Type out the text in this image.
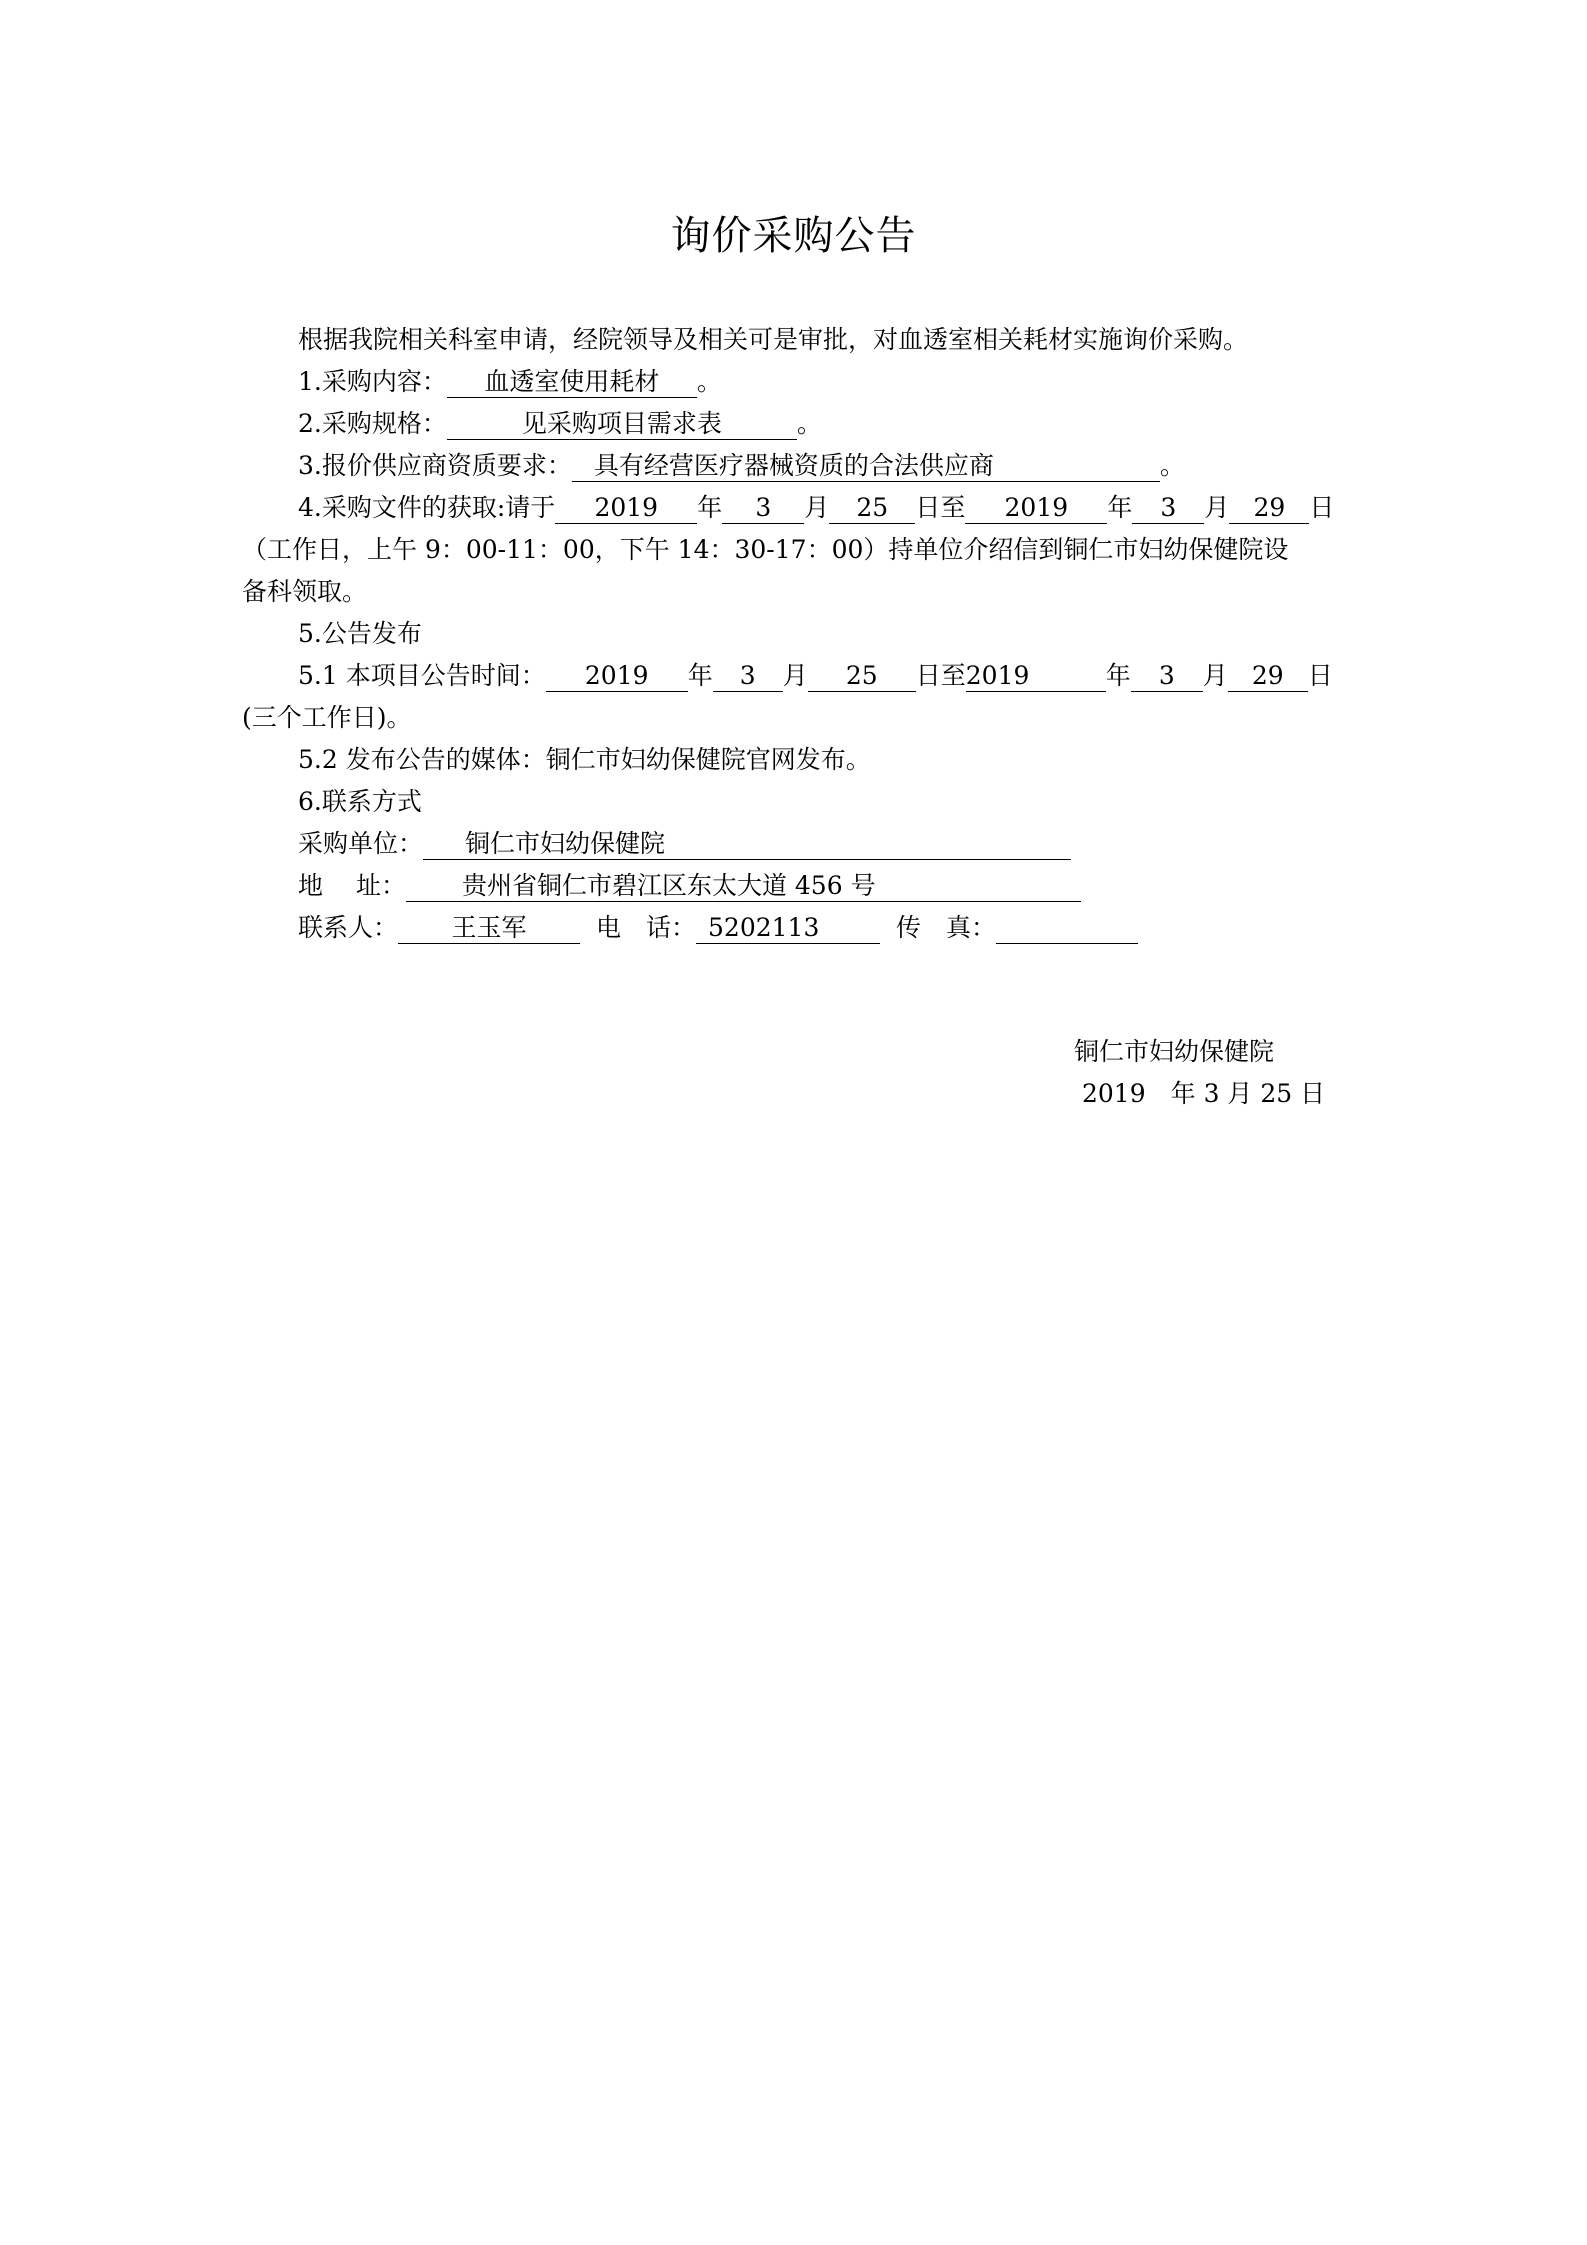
询价采购公告
根据我院相关科室申请，经院领导及相关可是审批，对血透室相关耗材实施询价采购。
1.采购内容： 血透室使用耗材 。
2.采购规格：	见采购项目需求表	。
3.报价供应商资质要求： 具有经营医疗器械资质的合法供应商	。
4.采购文件的获取:请于 2019 年 3 月 25 日至 2019 年 3 月 29 日
（工作日，上午 9：00-11：00，下午 14：30-17：00）持单位介绍信到铜仁市妇幼保健院设
备科领取。
5.公告发布
5.1 本项目公告时间： 2019 年 3 月 25 日至2019	年 3 月 29 日
(三个工作日)。
5.2 发布公告的媒体：铜仁市妇幼保健院官网发布。
6.联系方式
采购单位： 铜仁市妇幼保健院
地　 址： 贵州省铜仁市碧江区东太大道 456 号
联系人： 王玉军	电　话： 5202113	传　真：
铜仁市妇幼保健院
2019　年 3 月 25 日
